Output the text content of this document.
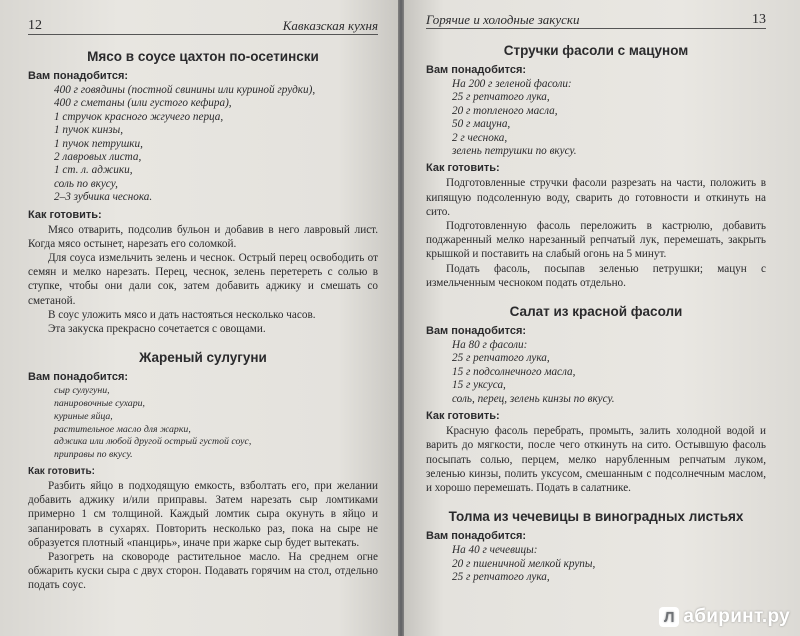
12	Кавказская кухня
Мясо в соусе цахтон по-осетински
Вам понадобится:
400 г говядины (постной свинины или куриной грудки),
400 г сметаны (или густого кефира),
1 стручок красного жгучего перца,
1 пучок кинзы,
1 пучок петрушки,
2 лавровых листа,
1 ст. л. аджики,
соль по вкусу,
2–3 зубчика чеснока.
Как готовить:

Мясо отварить, подсолив бульон и добавив в него лавровый лист. Когда мясо остынет, нарезать его соломкой.

Для соуса измельчить зелень и чеснок. Острый перец освободить от семян и мелко нарезать. Перец, чеснок, зелень перетереть с солью в ступке, чтобы они дали сок, затем добавить аджику и смешать со сметаной.

В соус уложить мясо и дать настояться несколько часов.

Эта закуска прекрасно сочетается с овощами.

Жареный сулугуни
Вам понадобится:
сыр сулугуни,
панировочные сухари,
куриные яйца,
растительное масло для жарки,
аджика или любой другой острый густой соус,
приправы по вкусу.
Как готовить:

Разбить яйцо в подходящую емкость, взболтать его, при желании добавить аджику и/или приправы. Затем нарезать сыр ломтиками примерно 1 см толщиной. Каждый ломтик сыра окунуть в яйцо и запанировать в сухарях. Повторить несколько раз, пока на сыре не образуется плотный «панцирь», иначе при жарке сыр будет вытекать.

Разогреть на сковороде растительное масло. На среднем огне обжарить куски сыра с двух сторон. Подавать горячим на стол, отдельно подать соус.

Горячие и холодные закуски	13
Стручки фасоли с мацуном
Вам понадобится:
На 200 г зеленой фасоли:
25 г репчатого лука,
20 г топленого масла,
50 г мацуна,
2 г чеснока,
зелень петрушки по вкусу.
Как готовить:

Подготовленные стручки фасоли разрезать на части, положить в кипящую подсоленную воду, сварить до готовности и откинуть на сито.

Подготовленную фасоль переложить в кастрюлю, добавить поджаренный мелко нарезанный репчатый лук, перемешать, закрыть крышкой и поставить на слабый огонь на 5 минут.

Подать фасоль, посыпав зеленью петрушки; мацун с измельченным чесноком подать отдельно.

Салат из красной фасоли
Вам понадобится:
На 80 г фасоли:
25 г репчатого лука,
15 г подсолнечного масла,
15 г уксуса,
соль, перец, зелень кинзы по вкусу.
Как готовить:

Красную фасоль перебрать, промыть, залить холодной водой и варить до мягкости, после чего откинуть на сито. Остывшую фасоль посыпать солью, перцем, мелко нарубленным репчатым луком, зеленью кинзы, полить уксусом, смешанным с подсолнечным маслом, и хорошо перемешать. Подать в салатнике.

Толма из чечевицы в виноградных листьях
Вам понадобится:
На 40 г чечевицы:
20 г пшеничной мелкой крупы,
25 г репчатого лука,
Л абиринт.ру
